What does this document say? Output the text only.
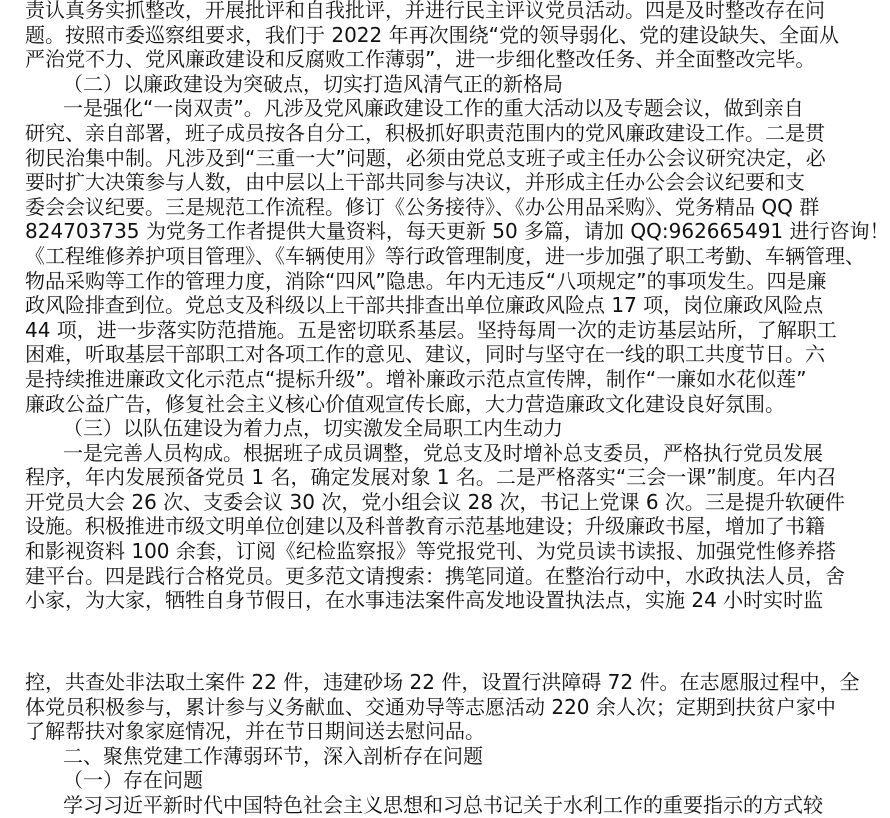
责认真务实抓整改，开展批评和自我批评，并进行民主评议党员活动。四是及时整改存在问
题。按照市委巡察组要求，我们于 2022 年再次围绕“党的领导弱化、党的建设缺失、全面从
严治党不力、党风廉政建设和反腐败工作薄弱”，进一步细化整改任务、并全面整改完毕。
（二）以廉政建设为突破点，切实打造风清气正的新格局
一是强化“一岗双责”。凡涉及党风廉政建设工作的重大活动以及专题会议，做到亲自
研究、亲自部署，班子成员按各自分工，积极抓好职责范围内的党风廉政建设工作。二是贯
彻民治集中制。凡涉及到“三重一大”问题，必须由党总支班子或主任办公会议研究决定，必
要时扩大决策参与人数，由中层以上干部共同参与决议，并形成主任办公会会议纪要和支
委会会议纪要。三是规范工作流程。修订《公务接待》、《办公用品采购》、党务精品 QQ 群
824703735 为党务工作者提供大量资料，每天更新 50 多篇，请加 QQ:962665491 进行咨询！
《工程维修养护项目管理》、《车辆使用》等行政管理制度，进一步加强了职工考勤、车辆管理、
物品采购等工作的管理力度，消除“四风”隐患。年内无违反“八项规定”的事项发生。四是廉
政风险排查到位。党总支及科级以上干部共排查出单位廉政风险点 17 项，岗位廉政风险点
44 项，进一步落实防范措施。五是密切联系基层。坚持每周一次的走访基层站所，了解职工
困难，听取基层干部职工对各项工作的意见、建议，同时与坚守在一线的职工共度节日。六
是持续推进廉政文化示范点“提标升级”。增补廉政示范点宣传牌，制作“一廉如水花似莲”
廉政公益广告，修复社会主义核心价值观宣传长廊，大力营造廉政文化建设良好氛围。
（三）以队伍建设为着力点，切实激发全局职工内生动力
一是完善人员构成。根据班子成员调整，党总支及时增补总支委员，严格执行党员发展
程序，年内发展预备党员 1 名，确定发展对象 1 名。二是严格落实“三会一课”制度。年内召
开党员大会 26 次、支委会议 30 次，党小组会议 28 次，书记上党课 6 次。三是提升软硬件
设施。积极推进市级文明单位创建以及科普教育示范基地建设；升级廉政书屋，增加了书籍
和影视资料 100 余套，订阅《纪检监察报》等党报党刊、为党员读书读报、加强党性修养搭
建平台。四是践行合格党员。更多范文请搜索：携笔同道。在整治行动中，水政执法人员，舍
小家，为大家，牺牲自身节假日，在水事违法案件高发地设置执法点，实施 24 小时实时监
控，共查处非法取土案件 22 件，违建砂场 22 件，设置行洪障碍 72 件。在志愿服过程中，全
体党员积极参与，累计参与义务献血、交通劝导等志愿活动 220 余人次；定期到扶贫户家中
了解帮扶对象家庭情况，并在节日期间送去慰问品。
二、聚焦党建工作薄弱环节，深入剖析存在问题
（一）存在问题
学习习近平新时代中国特色社会主义思想和习总书记关于水利工作的重要指示的方式较
